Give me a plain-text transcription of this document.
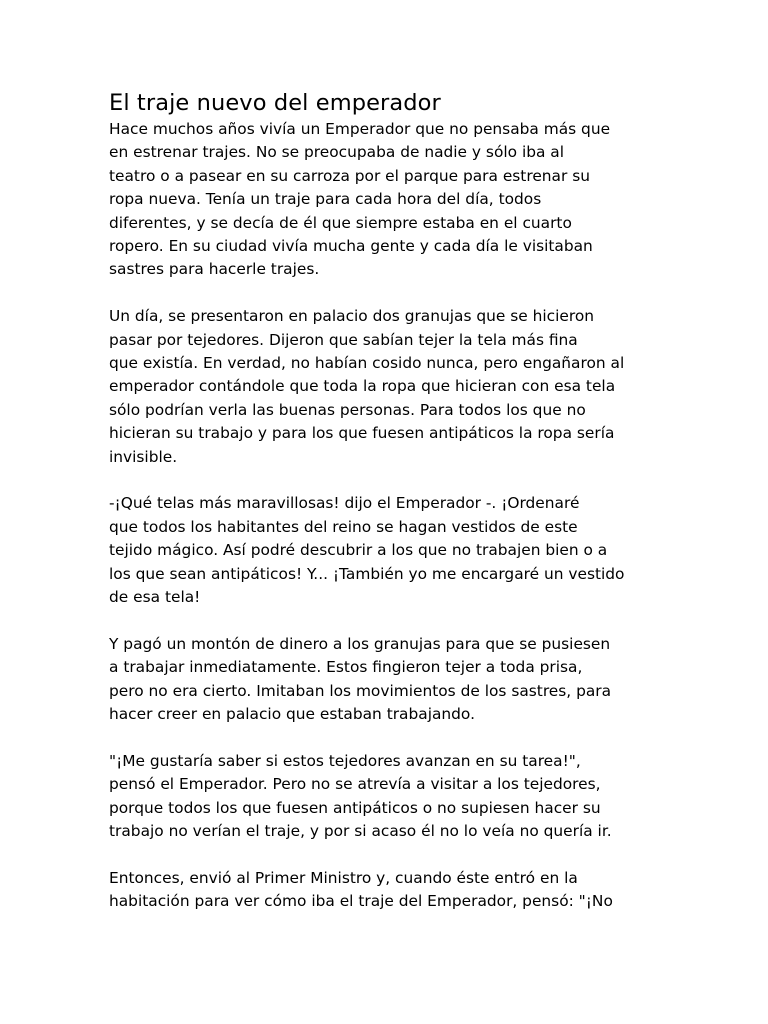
El traje nuevo del emperador

Hace muchos años vivía un Emperador que no pensaba más que
en estrenar trajes. No se preocupaba de nadie y sólo iba al
teatro o a pasear en su carroza por el parque para estrenar su
ropa nueva. Tenía un traje para cada hora del día, todos
diferentes, y se decía de él que siempre estaba en el cuarto
ropero. En su ciudad vivía mucha gente y cada día le visitaban
sastres para hacerle trajes.

Un día, se presentaron en palacio dos granujas que se hicieron
pasar por tejedores. Dijeron que sabían tejer la tela más fina
que existía. En verdad, no habían cosido nunca, pero engañaron al
emperador contándole que toda la ropa que hicieran con esa tela
sólo podrían verla las buenas personas. Para todos los que no
hicieran su trabajo y para los que fuesen antipáticos la ropa sería
invisible.

-¡Qué telas más maravillosas! dijo el Emperador -. ¡Ordenaré
que todos los habitantes del reino se hagan vestidos de este
tejido mágico. Así podré descubrir a los que no trabajen bien o a
los que sean antipáticos! Y... ¡También yo me encargaré un vestido
de esa tela!

Y pagó un montón de dinero a los granujas para que se pusiesen
a trabajar inmediatamente. Estos fingieron tejer a toda prisa,
pero no era cierto. Imitaban los movimientos de los sastres, para
hacer creer en palacio que estaban trabajando.

"¡Me gustaría saber si estos tejedores avanzan en su tarea!",
pensó el Emperador. Pero no se atrevía a visitar a los tejedores,
porque todos los que fuesen antipáticos o no supiesen hacer su
trabajo no verían el traje, y por si acaso él no lo veía no quería ir.

Entonces, envió al Primer Ministro y, cuando éste entró en la
habitación para ver cómo iba el traje del Emperador, pensó: "¡No
